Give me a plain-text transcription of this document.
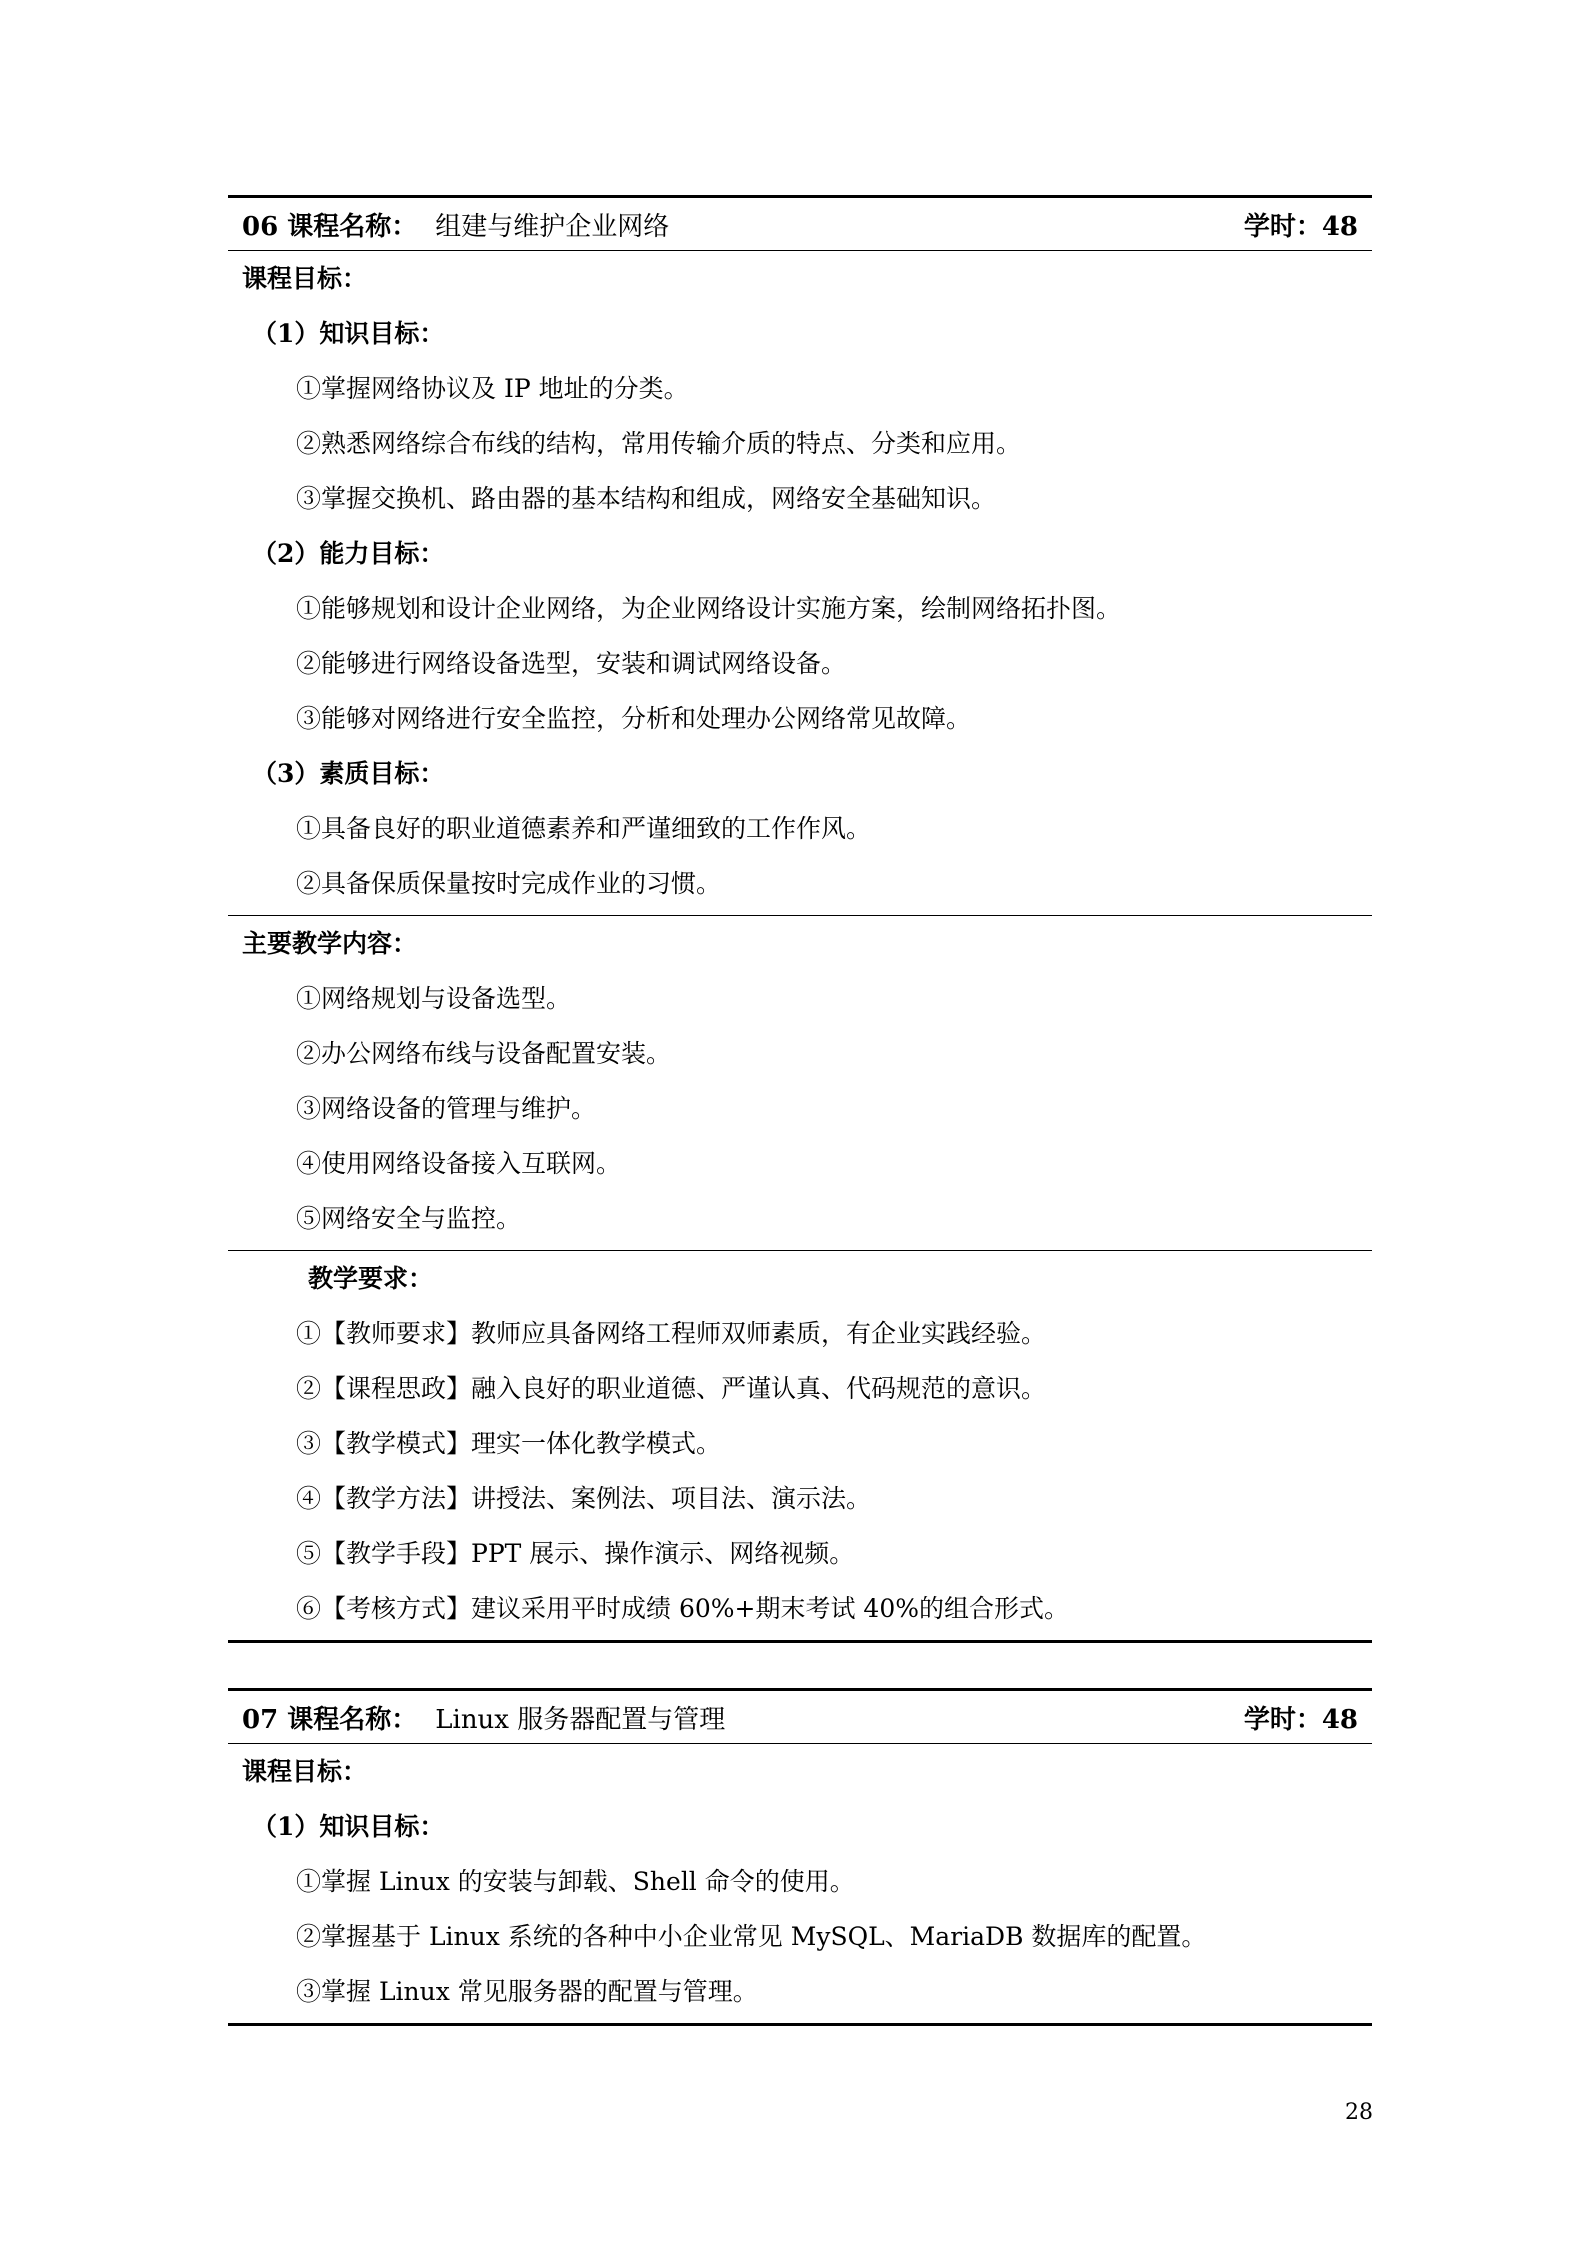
06 课程名称： 组建与维护企业网络	学时：48
课程目标：
（1）知识目标：
①掌握网络协议及 IP 地址的分类。
②熟悉网络综合布线的结构，常用传输介质的特点、分类和应用。
③掌握交换机、路由器的基本结构和组成，网络安全基础知识。
（2）能力目标：
①能够规划和设计企业网络，为企业网络设计实施方案，绘制网络拓扑图。
②能够进行网络设备选型，安装和调试网络设备。
③能够对网络进行安全监控，分析和处理办公网络常见故障。
（3）素质目标：
①具备良好的职业道德素养和严谨细致的工作作风。
②具备保质保量按时完成作业的习惯。
主要教学内容：
①网络规划与设备选型。
②办公网络布线与设备配置安装。
③网络设备的管理与维护。
④使用网络设备接入互联网。
⑤网络安全与监控。
教学要求：
①【教师要求】教师应具备网络工程师双师素质，有企业实践经验。
②【课程思政】融入良好的职业道德、严谨认真、代码规范的意识。
③【教学模式】理实一体化教学模式。
④【教学方法】讲授法、案例法、项目法、演示法。
⑤【教学手段】PPT 展示、操作演示、网络视频。
⑥【考核方式】建议采用平时成绩 60%+期末考试 40%的组合形式。
07 课程名称： Linux 服务器配置与管理	学时：48
课程目标：
（1）知识目标：
①掌握 Linux 的安装与卸载、Shell 命令的使用。
②掌握基于 Linux 系统的各种中小企业常见 MySQL、MariaDB 数据库的配置。
③掌握 Linux 常见服务器的配置与管理。
28
